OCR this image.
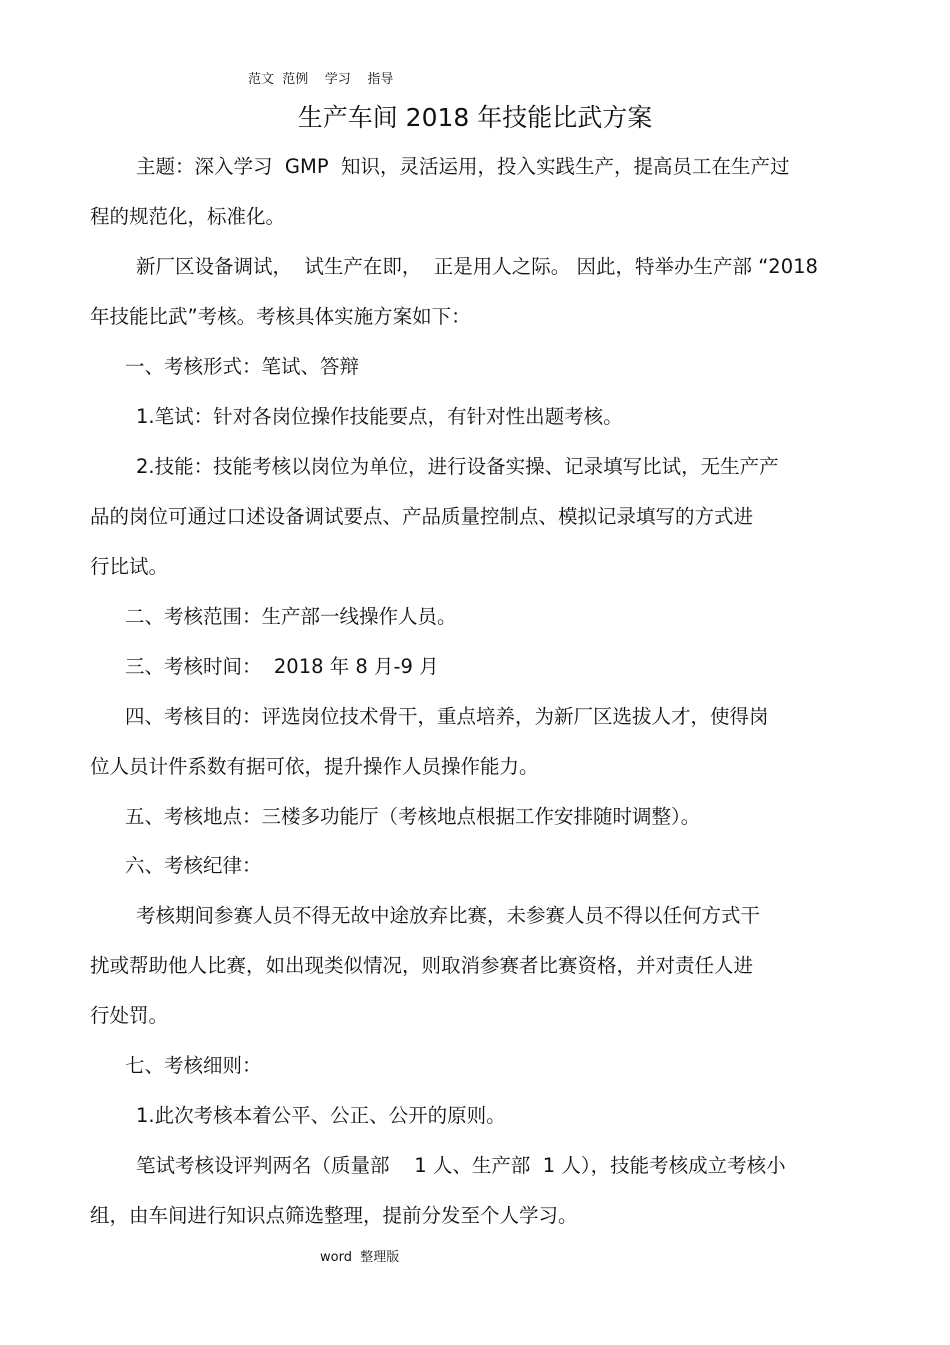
范文  范例    学习    指导
生产车间 2018 年技能比武方案
主题：深入学习  GMP  知识，灵活运用，投入实践生产，提高员工在生产过
程的规范化，标准化。
新厂区设备调试，  试生产在即，  正是用人之际。 因此，特举办生产部 “2018
年技能比武”考核。考核具体实施方案如下：
一、考核形式：笔试、答辩
1.笔试：针对各岗位操作技能要点，有针对性出题考核。
2.技能：技能考核以岗位为单位，进行设备实操、记录填写比试，无生产产
品的岗位可通过口述设备调试要点、产品质量控制点、模拟记录填写的方式进
行比试。
二、考核范围：生产部一线操作人员。
三、考核时间：  2018 年 8 月-9 月
四、考核目的：评选岗位技术骨干，重点培养，为新厂区选拔人才，使得岗
位人员计件系数有据可依，提升操作人员操作能力。
五、考核地点：三楼多功能厅（考核地点根据工作安排随时调整）。
六、考核纪律：
考核期间参赛人员不得无故中途放弃比赛，未参赛人员不得以任何方式干
扰或帮助他人比赛，如出现类似情况，则取消参赛者比赛资格，并对责任人进
行处罚。
七、考核细则：
1.此次考核本着公平、公正、公开的原则。
笔试考核设评判两名（质量部    1 人、生产部  1 人），技能考核成立考核小
组，由车间进行知识点筛选整理，提前分发至个人学习。
word  整理版
